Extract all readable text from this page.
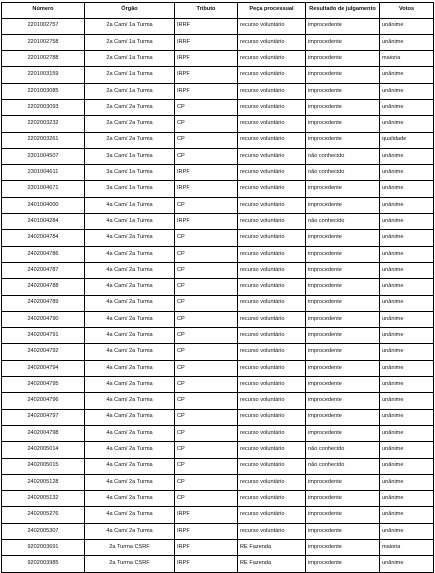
Número	Órgão	Tributo	Peça processual	Resultado de julgamento	Votos
2201002757	2a Cam/ 1a Turma	IRRF	recurso voluntário	improcedente	unânime
2201002758	2a Cam/ 1a Turma	IRRF	recurso voluntário	improcedente	unânime
2201002788	2a Cam/ 1a Turma	IRPF	recurso voluntário	improcedente	maioria
2201003159	2a Cam/ 1a Turma	IRPF	recurso voluntário	improcedente	unânime
2201003085	2a Cam/ 1a Turma	IRPF	recurso voluntário	improcedente	unânime
2202003093	2a Cam/ 2a Turma	CP	recurso voluntário	improcedente	unânime
2202003232	2a Cam/ 2a Turma	CP	recurso voluntário	improcedente	unânime
2202003261	2a Cam/ 2a Turma	CP	recurso voluntário	improcedente	qualidade
2301004507	3a Cam/ 1a Turma	CP	recurso voluntário	não conhecido	unânime
2301004611	3a Cam/ 1a Turma	IRPF	recurso voluntário	não conhecido	unânime
2301004671	3a Cam/ 1a Turma	IRPF	recurso voluntário	improcedente	unânime
2401004000	4a Cam/ 1a Turma	CP	recurso voluntário	improcedente	unânime
2401004284	4a Cam/ 1a Turma	IRPF	recurso voluntário	não conhecido	unânime
2402004784	4a Cam/ 2a Turma	CP	recurso voluntário	improcedente	unânime
2402004786	4a Cam/ 2a Turma	CP	recurso voluntário	improcedente	unânime
2402004787	4a Cam/ 2a Turma	CP	recurso voluntário	improcedente	unânime
2402004788	4a Cam/ 2a Turma	CP	recurso voluntário	improcedente	unânime
2402004789	4a Cam/ 2a Turma	CP	recurso voluntário	improcedente	unânime
2402004790	4a Cam/ 2a Turma	CP	recurso voluntário	improcedente	unânime
2402004791	4a Cam/ 2a Turma	CP	recurso voluntário	improcedente	unânime
2402004792	4a Cam/ 2a Turma	CP	recurso voluntário	improcedente	unânime
2402004794	4a Cam/ 2a Turma	CP	recurso voluntário	improcedente	unânime
2402004795	4a Cam/ 2a Turma	CP	recurso voluntário	improcedente	unânime
2402004796	4a Cam/ 2a Turma	CP	recurso voluntário	improcedente	unânime
2402004797	4a Cam/ 2a Turma	CP	recurso voluntário	improcedente	unânime
2402004798	4a Cam/ 2a Turma	CP	recurso voluntário	improcedente	unânime
2402005014	4a Cam/ 2a Turma	CP	recurso voluntário	não conhecido	unânime
2402005015	4a Cam/ 2a Turma	CP	recurso voluntário	não conhecido	unânime
2402005128	4a Cam/ 2a Turma	CP	recurso voluntário	improcedente	unânime
2402005132	4a Cam/ 2a Turma	CP	recurso voluntário	improcedente	unânime
2402005276	4a Cam/ 2a Turma	IRPF	recurso voluntário	improcedente	unânime
2402005307	4a Cam/ 2a Turma	IRPF	recurso voluntário	improcedente	unânime
9202003691	2a Turma CSRF	IRPF	RE Fazenda	improcedente	maioria
9202003985	2a Turma CSRF	IRPF	RE Fazenda	improcedente	unânime
